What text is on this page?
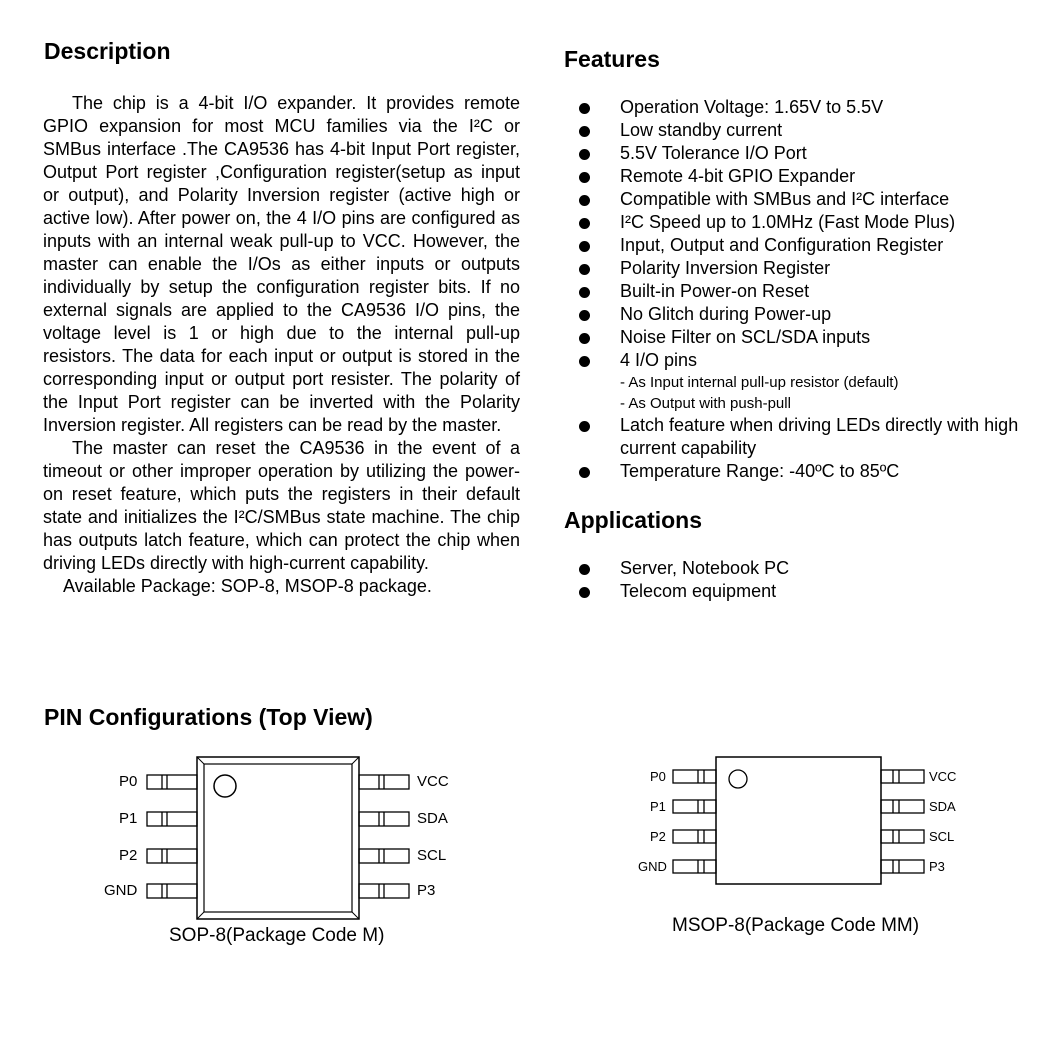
Description

The chip is a 4-bit I/O expander. It provides remote GPIO expansion for most MCU families via the I²C or SMBus interface .The CA9536 has 4-bit Input Port register, Output Port register ,Configuration register(setup as input or output), and Polarity Inversion register (active high or active low). After power on, the 4 I/O pins are configured as inputs with an internal weak pull-up to VCC. However, the master can enable the I/Os as either inputs or outputs individually by setup the configuration register bits. If no external signals are applied to the CA9536 I/O pins, the voltage level is 1 or high due to the internal pull-up resistors. The data for each input or output is stored in the corresponding input or output port resister. The polarity of the Input Port register can be inverted with the Polarity Inversion register. All registers can be read by the master.

The master can reset the CA9536 in the event of a timeout or other improper operation by utilizing the power-on reset feature, which puts the registers in their default state and initializes the I²C/SMBus state machine. The chip has outputs latch feature, which can protect the chip when driving LEDs directly with high-current capability.

Available Package: SOP-8, MSOP-8 package.

Features
Operation Voltage: 1.65V to 5.5V
Low standby current
5.5V Tolerance I/O Port
Remote 4-bit GPIO Expander
Compatible with SMBus and I²C interface
I²C Speed up to 1.0MHz (Fast Mode Plus)
Input, Output and Configuration Register
Polarity Inversion Register
Built-in Power-on Reset
No Glitch during Power-up
Noise Filter on SCL/SDA inputs
4 I/O pins
- As Input internal pull-up resistor (default)
- As Output with push-pull
Latch feature when driving LEDs directly with high current capability
Temperature Range: -40ºC to 85ºC
Applications
Server, Notebook PC
Telecom equipment
PIN Configurations (Top View)
P0
P1
P2
GND
VCC
SDA
SCL
P3
SOP-8(Package Code M)
P0
P1
P2
GND
VCC
SDA
SCL
P3
MSOP-8(Package Code MM)
